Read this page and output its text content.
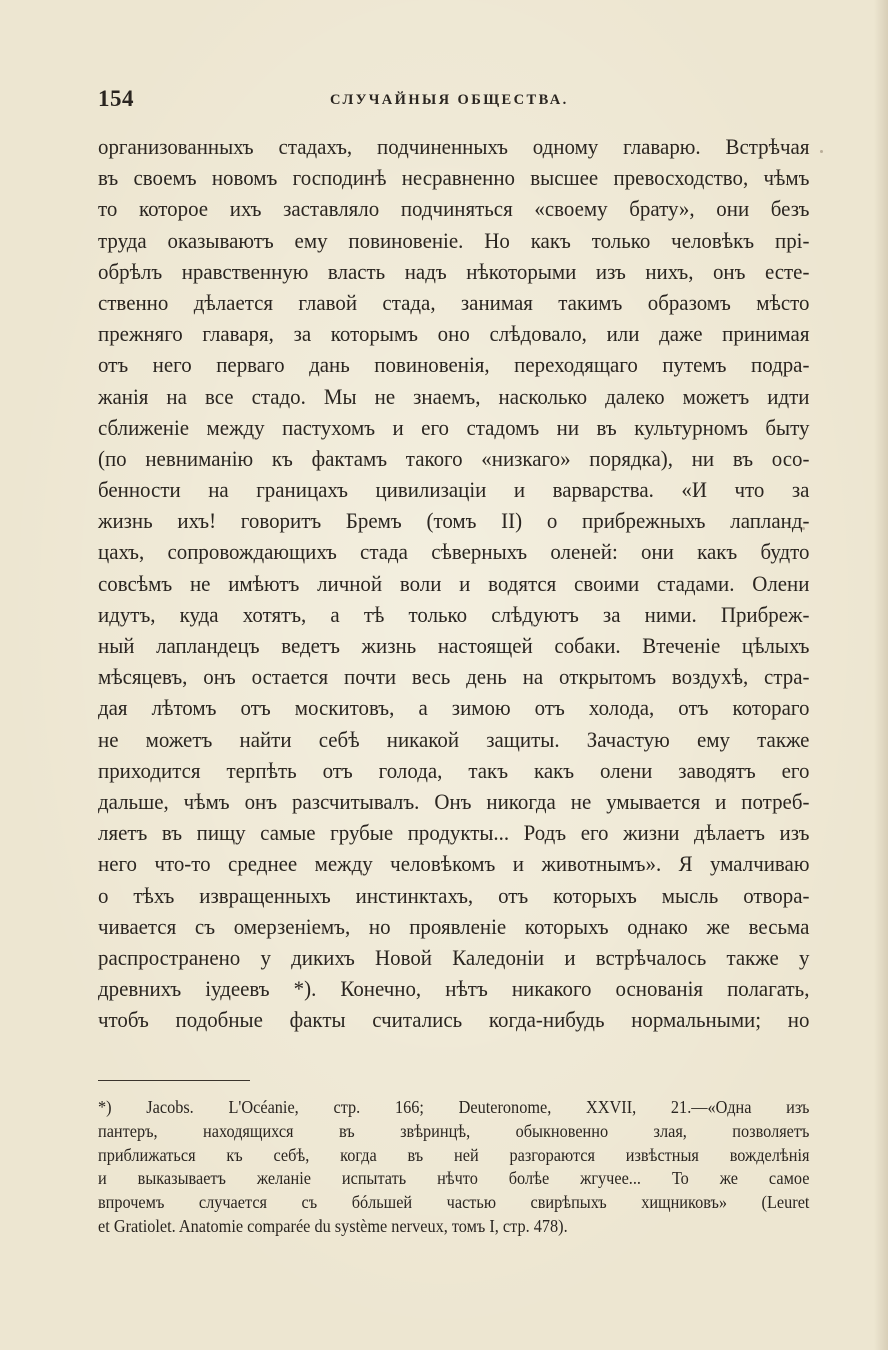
154	СЛУЧАЙНЫЯ ОБЩЕСТВА.
организованныхъ стадахъ, подчиненныхъ одному главарю. Встрѣчая
въ своемъ новомъ господинѣ несравненно высшее превосходство, чѣмъ
то которое ихъ заставляло подчиняться «своему брату», они безъ
труда оказываютъ ему повиновенiе. Но какъ только человѣкъ прi-
обрѣлъ нравственную власть надъ нѣкоторыми изъ нихъ, онъ есте-
ственно дѣлается главой стада, занимая такимъ образомъ мѣсто
прежняго главаря, за которымъ оно слѣдовало, или даже принимая
отъ него перваго дань повиновенiя, переходящаго путемъ подра-
жанiя на все стадо. Мы не знаемъ, насколько далеко можетъ идти
сближенiе между пастухомъ и его стадомъ ни въ культурномъ быту
(по невниманiю къ фактамъ такого «низкаго» порядка), ни въ осо-
бенности на границахъ цивилизацiи и варварства. «И что за
жизнь ихъ! говоритъ Бремъ (томъ II) о прибрежныхъ лапланд-
цахъ, сопровождающихъ стада сѣверныхъ оленей: они какъ будто
совсѣмъ не имѣютъ личной воли и водятся своими стадами. Олени
идутъ, куда хотятъ, а тѣ только слѣдуютъ за ними. Прибреж-
ный лапландецъ ведетъ жизнь настоящей собаки. Втеченiе цѣлыхъ
мѣсяцевъ, онъ остается почти весь день на открытомъ воздухѣ, стра-
дая лѣтомъ отъ москитовъ, а зимою отъ холода, отъ котораго
не можетъ найти себѣ никакой защиты. Зачастую ему также
приходится терпѣть отъ голода, такъ какъ олени заводятъ его
дальше, чѣмъ онъ разсчитывалъ. Онъ никогда не умывается и потреб-
ляетъ въ пищу самые грубые продукты... Родъ его жизни дѣлаетъ изъ
него что-то среднее между человѣкомъ и животнымъ». Я умалчиваю
о тѣхъ извращенныхъ инстинктахъ, отъ которыхъ мысль отвора-
чивается съ омерзенiемъ, но проявленiе которыхъ однако же весьма
распространено у дикихъ Новой Каледонiи и встрѣчалось также у
древнихъ iудеевъ *). Конечно, нѣтъ никакого основанiя полагать,
чтобъ подобные факты считались когда-нибудь нормальными; но
*) Jacobs. L'Océanie, стр. 166; Deuteronome, XXVII, 21.—«Одна изъ
пантеръ, находящихся въ звѣринцѣ, обыкновенно злая, позволяетъ
приближаться къ себѣ, когда въ ней разгораются извѣстныя вожделѣнiя
и выказываетъ желанiе испытать нѣчто болѣе жгучее... То же самое
впрочемъ случается съ бóльшей частью свирѣпыхъ хищниковъ» (Leuret
et Gratiolet. Anatomie comparée du système nerveux, томъ I, стр. 478).
